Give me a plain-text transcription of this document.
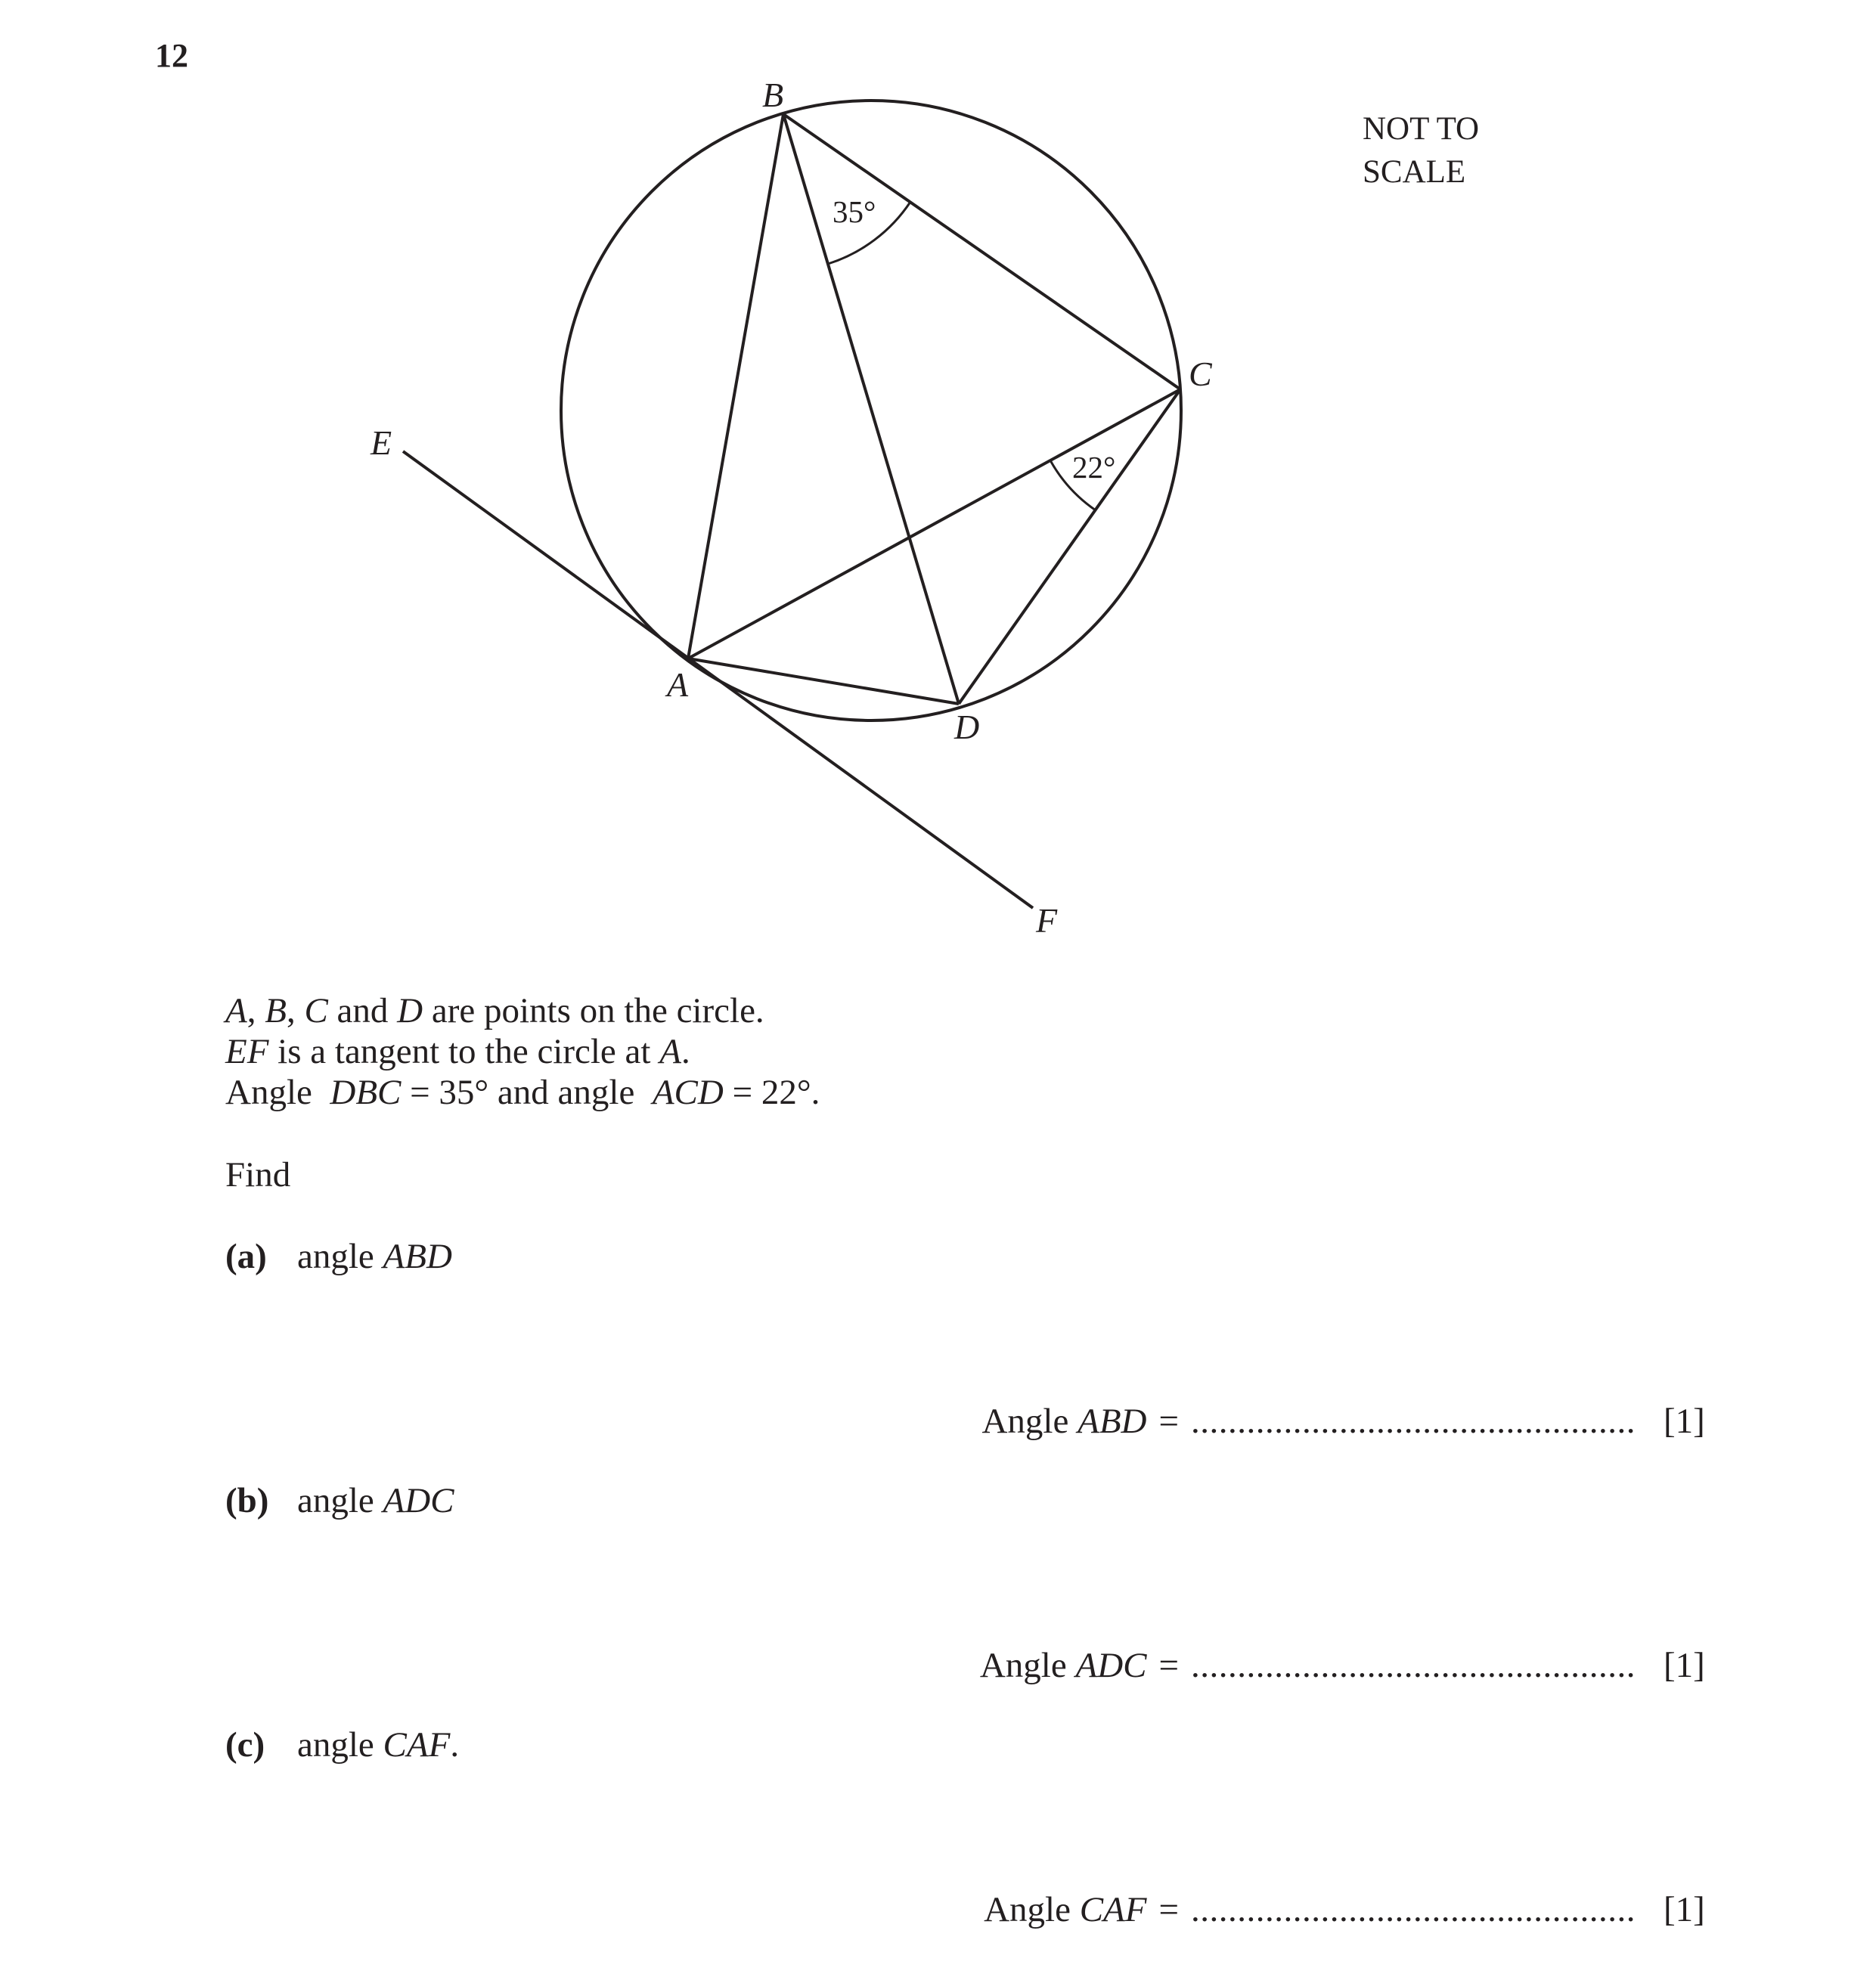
12
B
C
E
A
D
F
35°
22°
NOT TO
SCALE
A, B, C and D are points on the circle.
EF is a tangent to the circle at A.
Angle  DBC = 35° and angle  ACD = 22°.
Find
(a) angle ABD
Angle ABD = ................................................ [1]
(b) angle ADC
Angle ADC = ................................................ [1]
(c) angle CAF.
Angle CAF = ................................................ [1]
